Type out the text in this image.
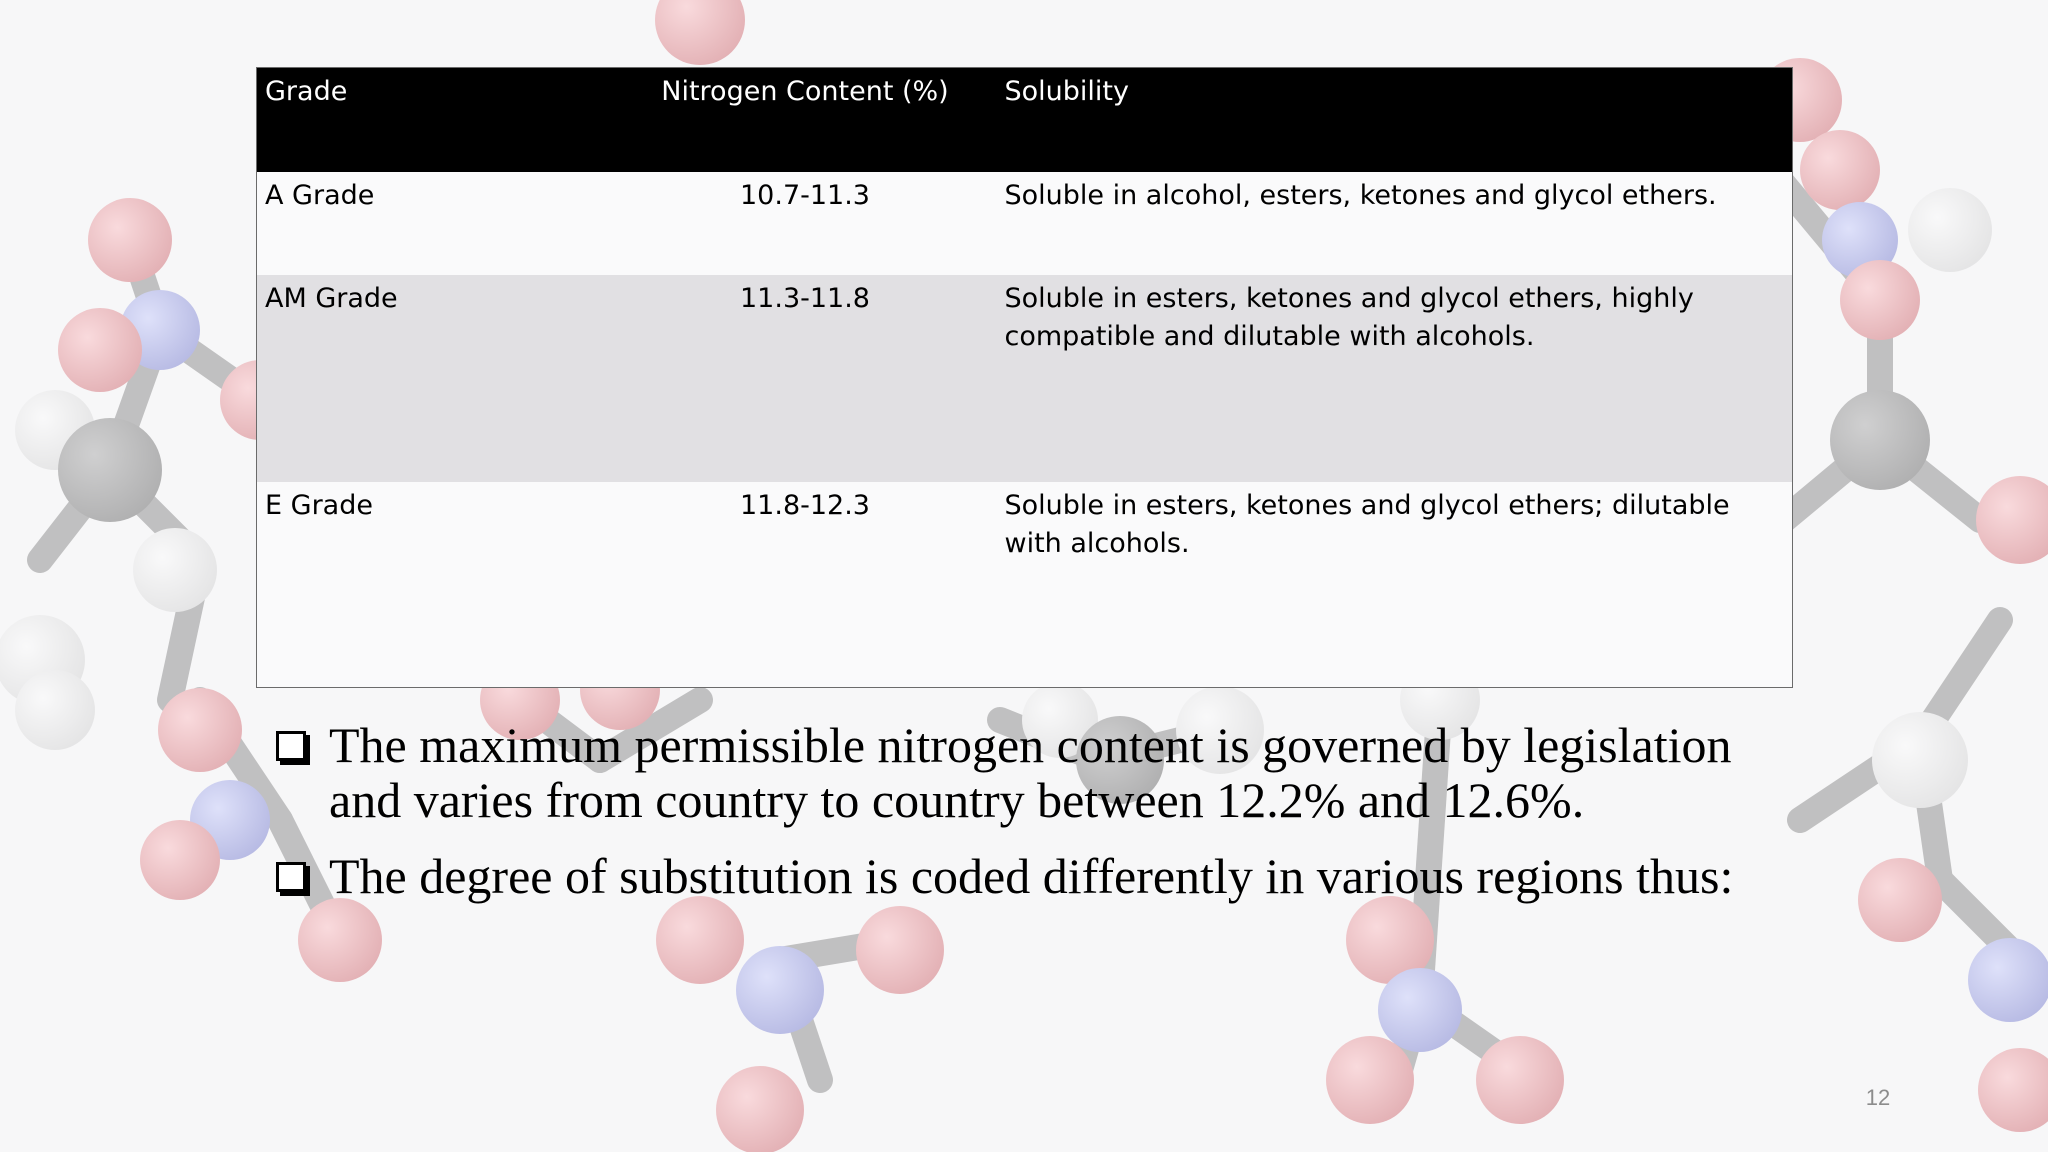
Grade	Nitrogen Content (%)	Solubility
A Grade	10.7-11.3	Soluble in alcohol, esters, ketones and glycol ethers.
AM Grade	11.3-11.8	Soluble in esters, ketones and glycol ethers, highly compatible and dilutable with alcohols.
E Grade	11.8-12.3	Soluble in esters, ketones and glycol ethers; dilutable with alcohols.
The maximum permissible nitrogen content is governed by legislation and varies from country to country between 12.2% and 12.6%.
The degree of substitution is coded differently in various regions thus:
12
